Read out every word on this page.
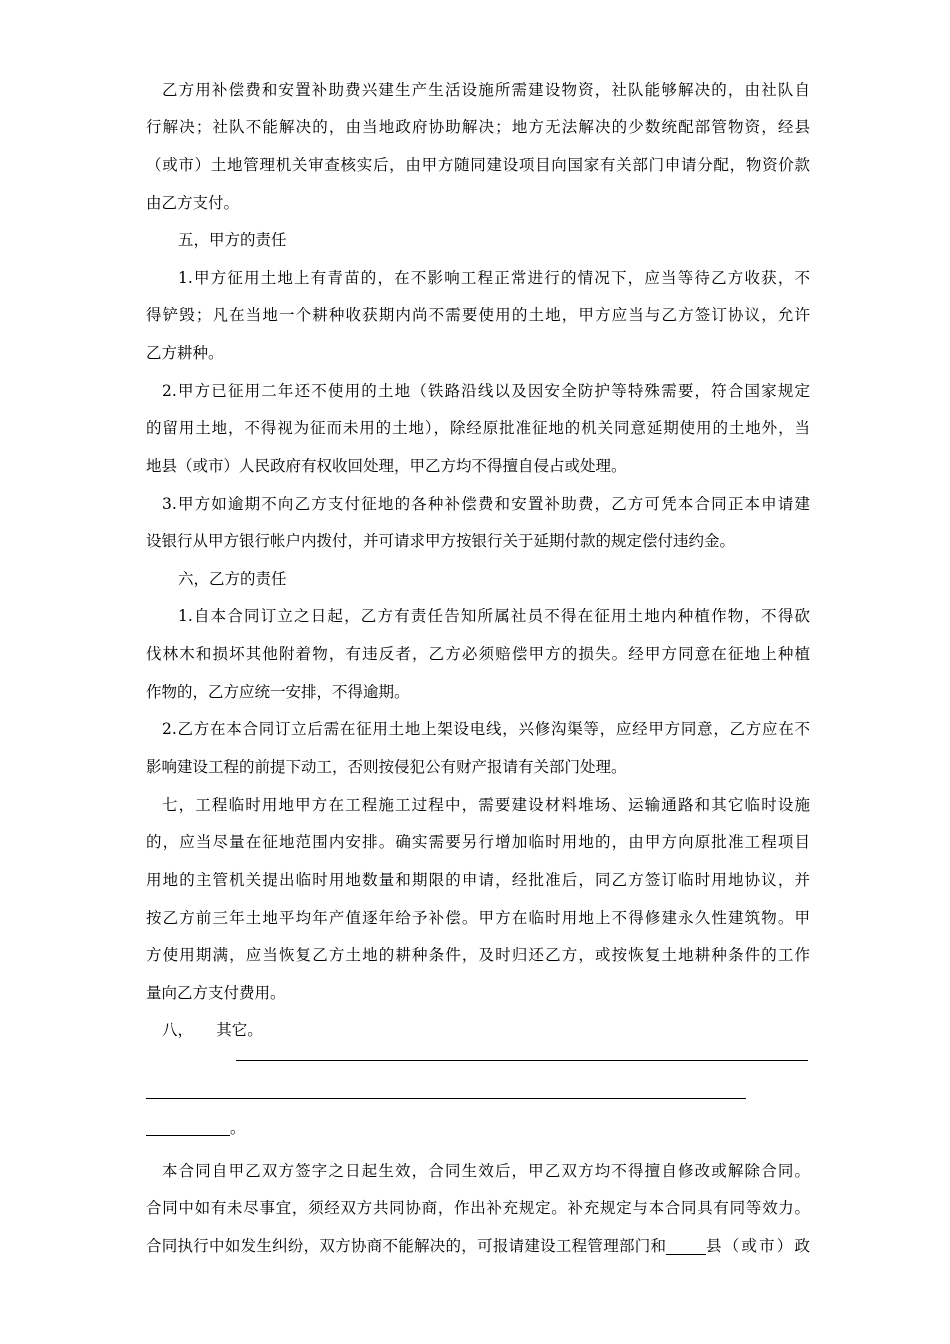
乙方用补偿费和安置补助费兴建生产生活设施所需建设物资，社队能够解决的，由社队自
行解决；社队不能解决的，由当地政府协助解决；地方无法解决的少数统配部管物资，经县
（或市）土地管理机关审查核实后，由甲方随同建设项目向国家有关部门申请分配，物资价款
由乙方支付。
五，甲方的责任
1.甲方征用土地上有青苗的，在不影响工程正常进行的情况下，应当等待乙方收获，不
得铲毁；凡在当地一个耕种收获期内尚不需要使用的土地，甲方应当与乙方签订协议，允许
乙方耕种。
2.甲方已征用二年还不使用的土地（铁路沿线以及因安全防护等特殊需要，符合国家规定
的留用土地，不得视为征而未用的土地），除经原批准征地的机关同意延期使用的土地外，当
地县（或市）人民政府有权收回处理，甲乙方均不得擅自侵占或处理。
3.甲方如逾期不向乙方支付征地的各种补偿费和安置补助费，乙方可凭本合同正本申请建
设银行从甲方银行帐户内拨付，并可请求甲方按银行关于延期付款的规定偿付违约金。
六，乙方的责任
1.自本合同订立之日起，乙方有责任告知所属社员不得在征用土地内种植作物，不得砍
伐林木和损坏其他附着物，有违反者，乙方必须赔偿甲方的损失。经甲方同意在征地上种植
作物的，乙方应统一安排，不得逾期。
2.乙方在本合同订立后需在征用土地上架设电线，兴修沟渠等，应经甲方同意，乙方应在不
影响建设工程的前提下动工，否则按侵犯公有财产报请有关部门处理。
七，工程临时用地甲方在工程施工过程中，需要建设材料堆场、运输通路和其它临时设施
的，应当尽量在征地范围内安排。确实需要另行增加临时用地的，由甲方向原批准工程项目
用地的主管机关提出临时用地数量和期限的申请，经批准后，同乙方签订临时用地协议，并
按乙方前三年土地平均年产值逐年给予补偿。甲方在临时用地上不得修建永久性建筑物。甲
方使用期满，应当恢复乙方土地的耕种条件，及时归还乙方，或按恢复土地耕种条件的工作
量向乙方支付费用。
八，　　其它。
。
本合同自甲乙双方签字之日起生效，合同生效后，甲乙双方均不得擅自修改或解除合同。
合同中如有未尽事宜，须经双方共同协商，作出补充规定。补充规定与本合同具有同等效力。
合同执行中如发生纠纷，双方协商不能解决的，可报请建设工程管理部门和	县（或市）政
